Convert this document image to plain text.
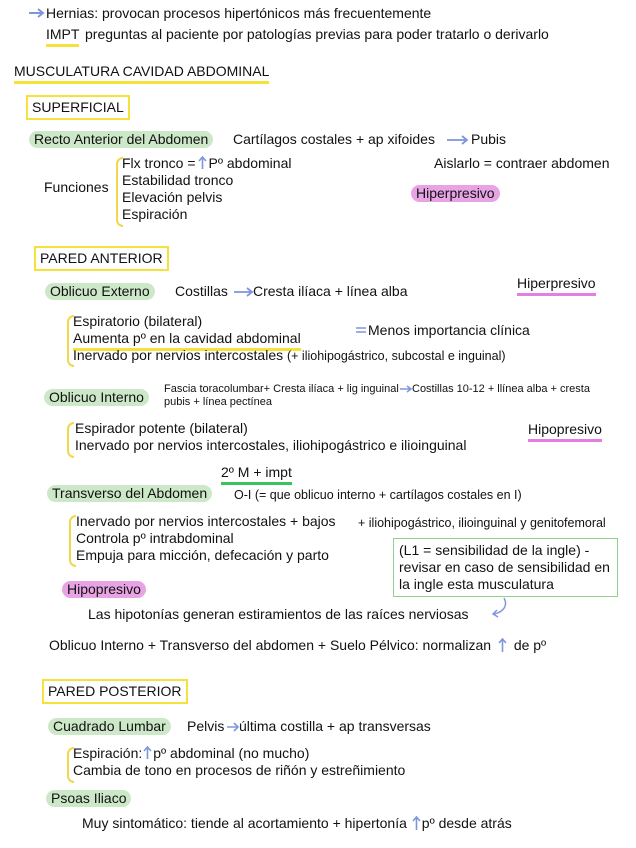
Hernias: provocan procesos hipertónicos más frecuentemente
IMPT preguntas al paciente por patologías previas para poder tratarlo o derivarlo
MUSCULATURA CAVIDAD ABDOMINAL
SUPERFICIAL
Recto Anterior del Abdomen	Cartílagos costales + ap xifoides	Pubis
Funciones
Flx tronco = Pº abdominal
Estabilidad tronco
Elevación pelvis
Espiración
Aislarlo = contraer abdomen
Hiperpresivo
PARED ANTERIOR
Hiperpresivo
Oblicuo Externo	Costillas Cresta ilíaca + línea alba
Espiratorio (bilateral)
Aumenta pº en la cavidad abdominal
Inervado por nervios intercostales (+ iliohipogástrico, subcostal e inguinal)
Menos importancia clínica
Oblicuo Interno	Fascia toracolumbar+ Cresta ilíaca + lig inguinal Costillas 10-12 + llínea alba + cresta
pubis + línea pectínea
Espirador potente (bilateral)
Inervado por nervios intercostales, iliohipogástrico e ilioinguinal
Hipopresivo
2º M + impt
Transverso del Abdomen	O-I (= que oblicuo interno + cartílagos costales en I)
Inervado por nervios intercostales + bajos + iliohipogástrico, ilioinguinal y genitofemoral
Controla pº intrabdominal
Empuja para micción, defecación y parto	(L1 = sensibilidad de la ingle) - revisar en caso de sensibilidad en la ingle esta musculatura
Hipopresivo
Las hipotonías generan estiramientos de las raíces nerviosas
Oblicuo Interno + Transverso del abdomen + Suelo Pélvico: normalizan de pº
PARED POSTERIOR
Cuadrado Lumbar	Pelvis última costilla + ap transversas
Espiración: pº abdominal (no mucho)
Cambia de tono en procesos de riñón y estreñimiento
Psoas Iliaco
Muy sintomático: tiende al acortamiento + hipertonía pº desde atrás
